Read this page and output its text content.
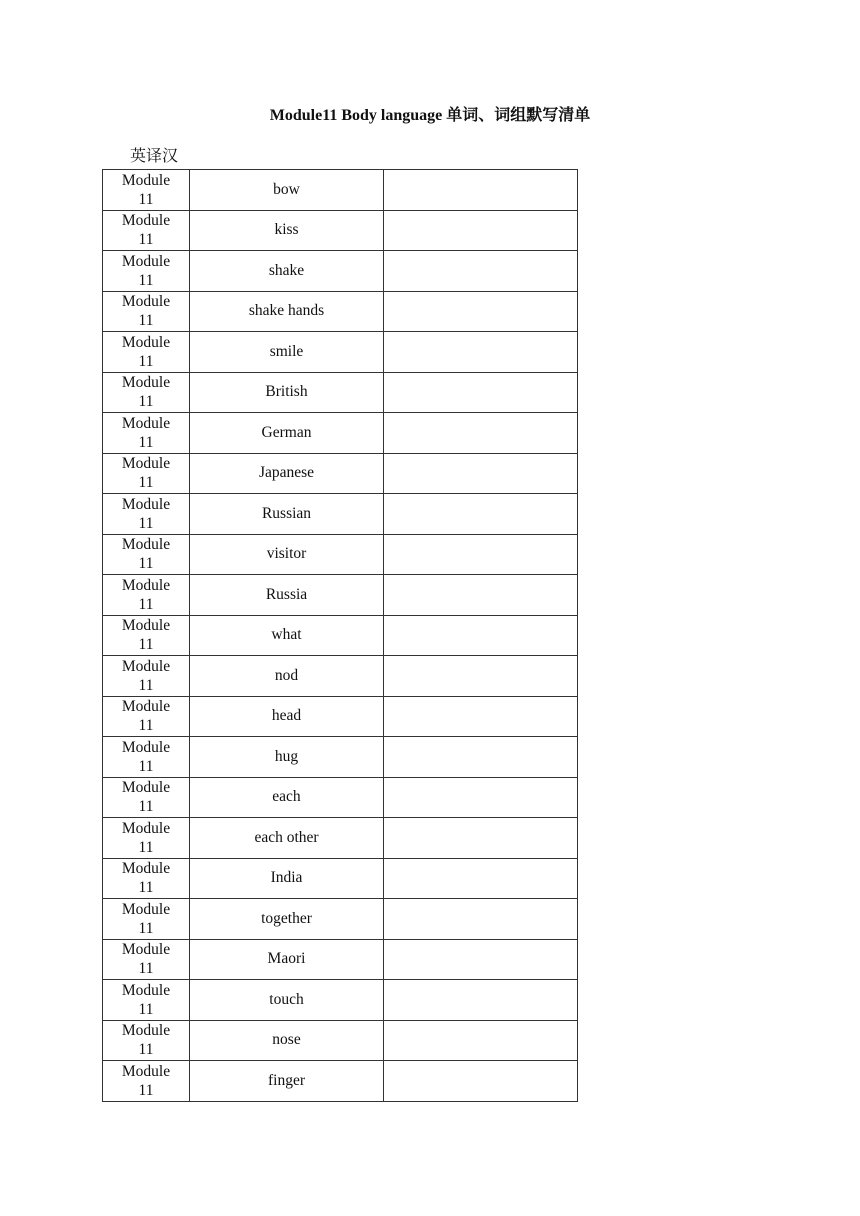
Module11 Body language 单词、词组默写清单
英译汉
Module
11	bow	

Module
11	kiss	

Module
11	shake	

Module
11	shake hands	

Module
11	smile	

Module
11	British	

Module
11	German	

Module
11	Japanese	

Module
11	Russian	

Module
11	visitor	

Module
11	Russia	

Module
11	what	

Module
11	nod	

Module
11	head	

Module
11	hug	

Module
11	each	

Module
11	each other	

Module
11	India	

Module
11	together	

Module
11	Maori	

Module
11	touch	

Module
11	nose	

Module
11	finger	
